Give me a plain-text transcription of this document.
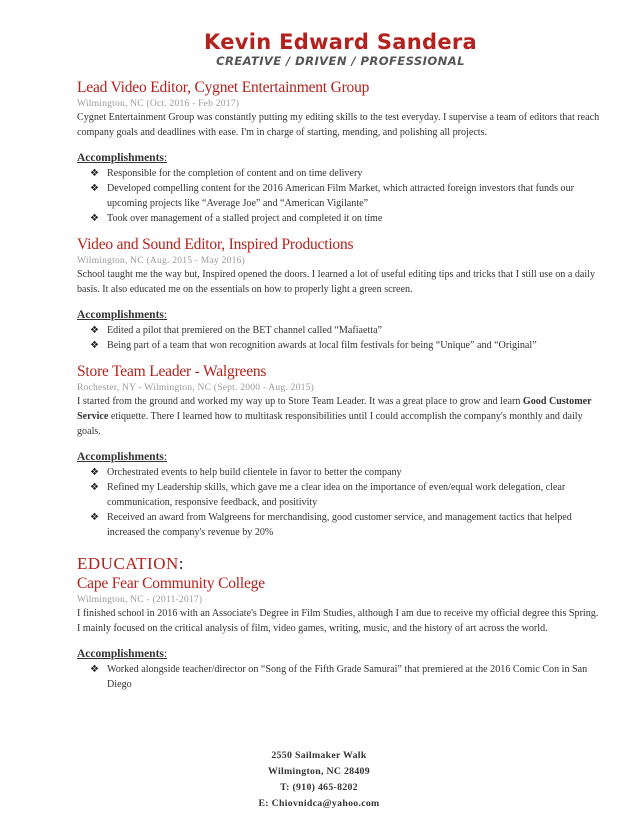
Kevin Edward Sandera
CREATIVE / DRIVEN / PROFESSIONAL
Lead Video Editor, Cygnet Entertainment Group
Wilmington, NC (Oct. 2016 - Feb 2017)

Cygnet Entertainment Group was constantly putting my editing skills to the test everyday. I supervise a team of editors that reach company goals and deadlines with ease. I'm in charge of starting, mending, and polishing all projects.

Accomplishments:
❖ Responsible for the completion of content and on time delivery
❖ Developed compelling content for the 2016 American Film Market, which attracted foreign investors that funds our upcoming projects like “Average Joe” and “American Vigilante”
❖ Took over management of a stalled project and completed it on time
Video and Sound Editor, Inspired Productions
Wilmington, NC (Aug. 2015 - May 2016)

School taught me the way but, Inspired opened the doors. I learned a lot of useful editing tips and tricks that I still use on a daily basis. It also educated me on the essentials on how to properly light a green screen.

Accomplishments:
❖ Edited a pilot that premiered on the BET channel called “Mafiaetta”
❖ Being part of a team that won recognition awards at local film festivals for being “Unique” and “Original”
Store Team Leader - Walgreens
Rochester, NY - Wilmington, NC (Sept. 2000 - Aug. 2015)

I started from the ground and worked my way up to Store Team Leader. It was a great place to grow and learn Good Customer Service etiquette. There I learned how to multitask responsibilities until I could accomplish the company's monthly and daily goals.

Accomplishments:
❖ Orchestrated events to help build clientele in favor to better the company
❖ Refined my Leadership skills, which gave me a clear idea on the importance of even/equal work delegation, clear communication, responsive feedback, and positivity
❖ Received an award from Walgreens for merchandising, good customer service, and management tactics that helped increased the company's revenue by 20%
EDUCATION:
Cape Fear Community College
Wilmington, NC - (2011-2017)

I finished school in 2016 with an Associate's Degree in Film Studies, although I am due to receive my official degree this Spring. I mainly focused on the critical analysis of film, video games, writing, music, and the history of art across the world.

Accomplishments:
❖ Worked alongside teacher/director on “Song of the Fifth Grade Samurai” that premiered at the 2016 Comic Con in San Diego
2550 Sailmaker Walk
Wilmington, NC 28409
T: (910) 465-8202
E: Chiovnidca@yahoo.com
